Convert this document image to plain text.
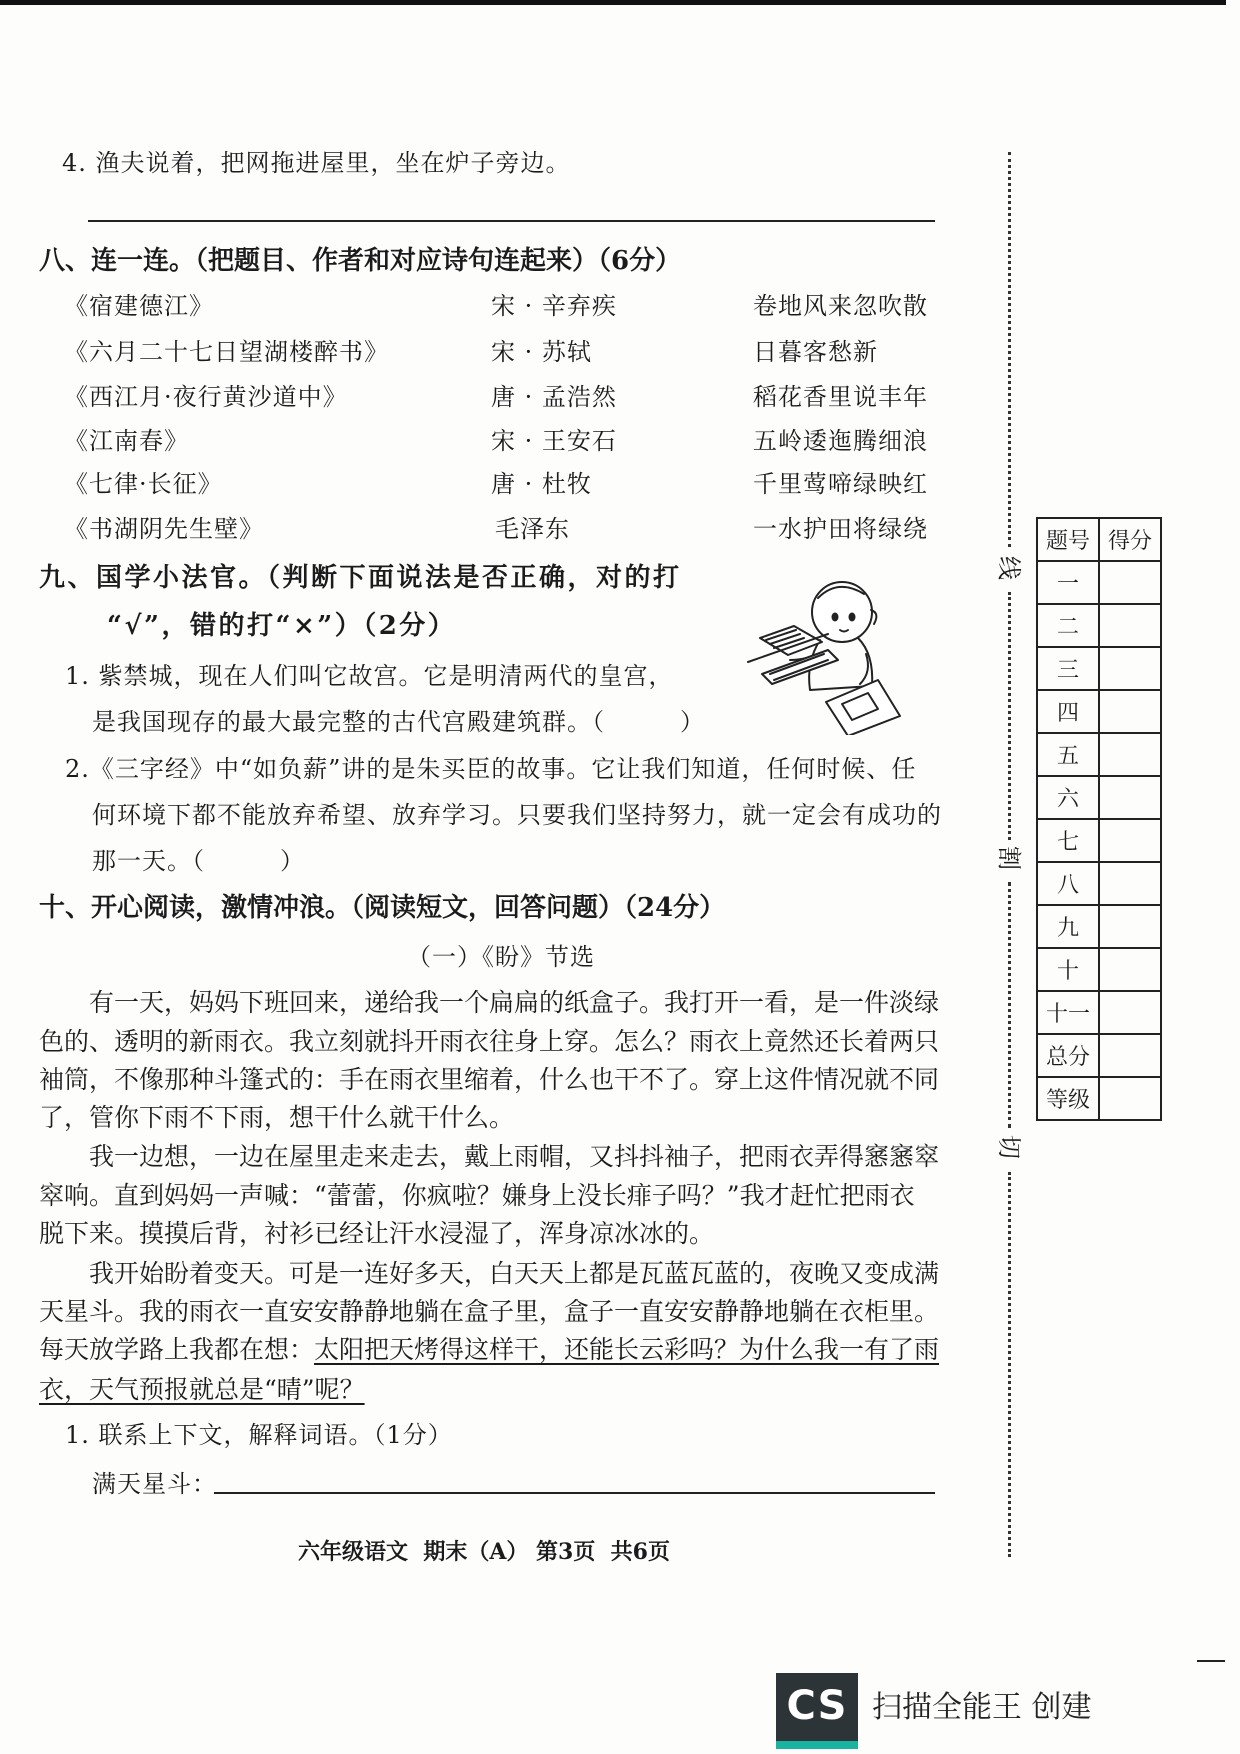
4. 渔夫说着，把网拖进屋里，坐在炉子旁边。
八、连一连。（把题目、作者和对应诗句连起来）（6分）
《宿建德江》	宋 · 辛弃疾	卷地风来忽吹散
《六月二十七日望湖楼醉书》	宋 · 苏轼	日暮客愁新
《西江月·夜行黄沙道中》	唐 · 孟浩然	稻花香里说丰年
《江南春》	宋 · 王安石	五岭逶迤腾细浪
《七律·长征》	唐 · 杜牧	千里莺啼绿映红
《书湖阴先生壁》	毛泽东	一水护田将绿绕
九、国学小法官。（判断下面说法是否正确，对的打
“√”，错的打“×”）（2分）
1. 紫禁城，现在人们叫它故宫。它是明清两代的皇宫，
是我国现存的最大最完整的古代宫殿建筑群。（　　　）
2.《三字经》中“如负薪”讲的是朱买臣的故事。它让我们知道，任何时候、任
何环境下都不能放弃希望、放弃学习。只要我们坚持努力，就一定会有成功的
那一天。（　　　）
十、开心阅读，激情冲浪。（阅读短文，回答问题）（24分）
（一）《盼》节选
有一天，妈妈下班回来，递给我一个扁扁的纸盒子。我打开一看，是一件淡绿
色的、透明的新雨衣。我立刻就抖开雨衣往身上穿。怎么？雨衣上竟然还长着两只
袖筒，不像那种斗篷式的：手在雨衣里缩着，什么也干不了。穿上这件情况就不同
了，管你下雨不下雨，想干什么就干什么。
我一边想，一边在屋里走来走去，戴上雨帽，又抖抖袖子，把雨衣弄得窸窸窣
窣响。直到妈妈一声喊：“蕾蕾，你疯啦？嫌身上没长痱子吗？”我才赶忙把雨衣
脱下来。摸摸后背，衬衫已经让汗水浸湿了，浑身凉冰冰的。
我开始盼着变天。可是一连好多天，白天天上都是瓦蓝瓦蓝的，夜晚又变成满
天星斗。我的雨衣一直安安静静地躺在盒子里，盒子一直安安静静地躺在衣柜里。
每天放学路上我都在想：太阳把天烤得这样干，还能长云彩吗？为什么我一有了雨
衣，天气预报就总是“晴”呢？
1. 联系上下文，解释词语。（1分）
满天星斗：
六年级语文  期末（A） 第3页  共6页
线
割
切
题号	得分
一	
二	
三	
四	
五	
六	
七	
八	
九	
十	
十一	
总分	
等级	
CS 扫描全能王 创建
